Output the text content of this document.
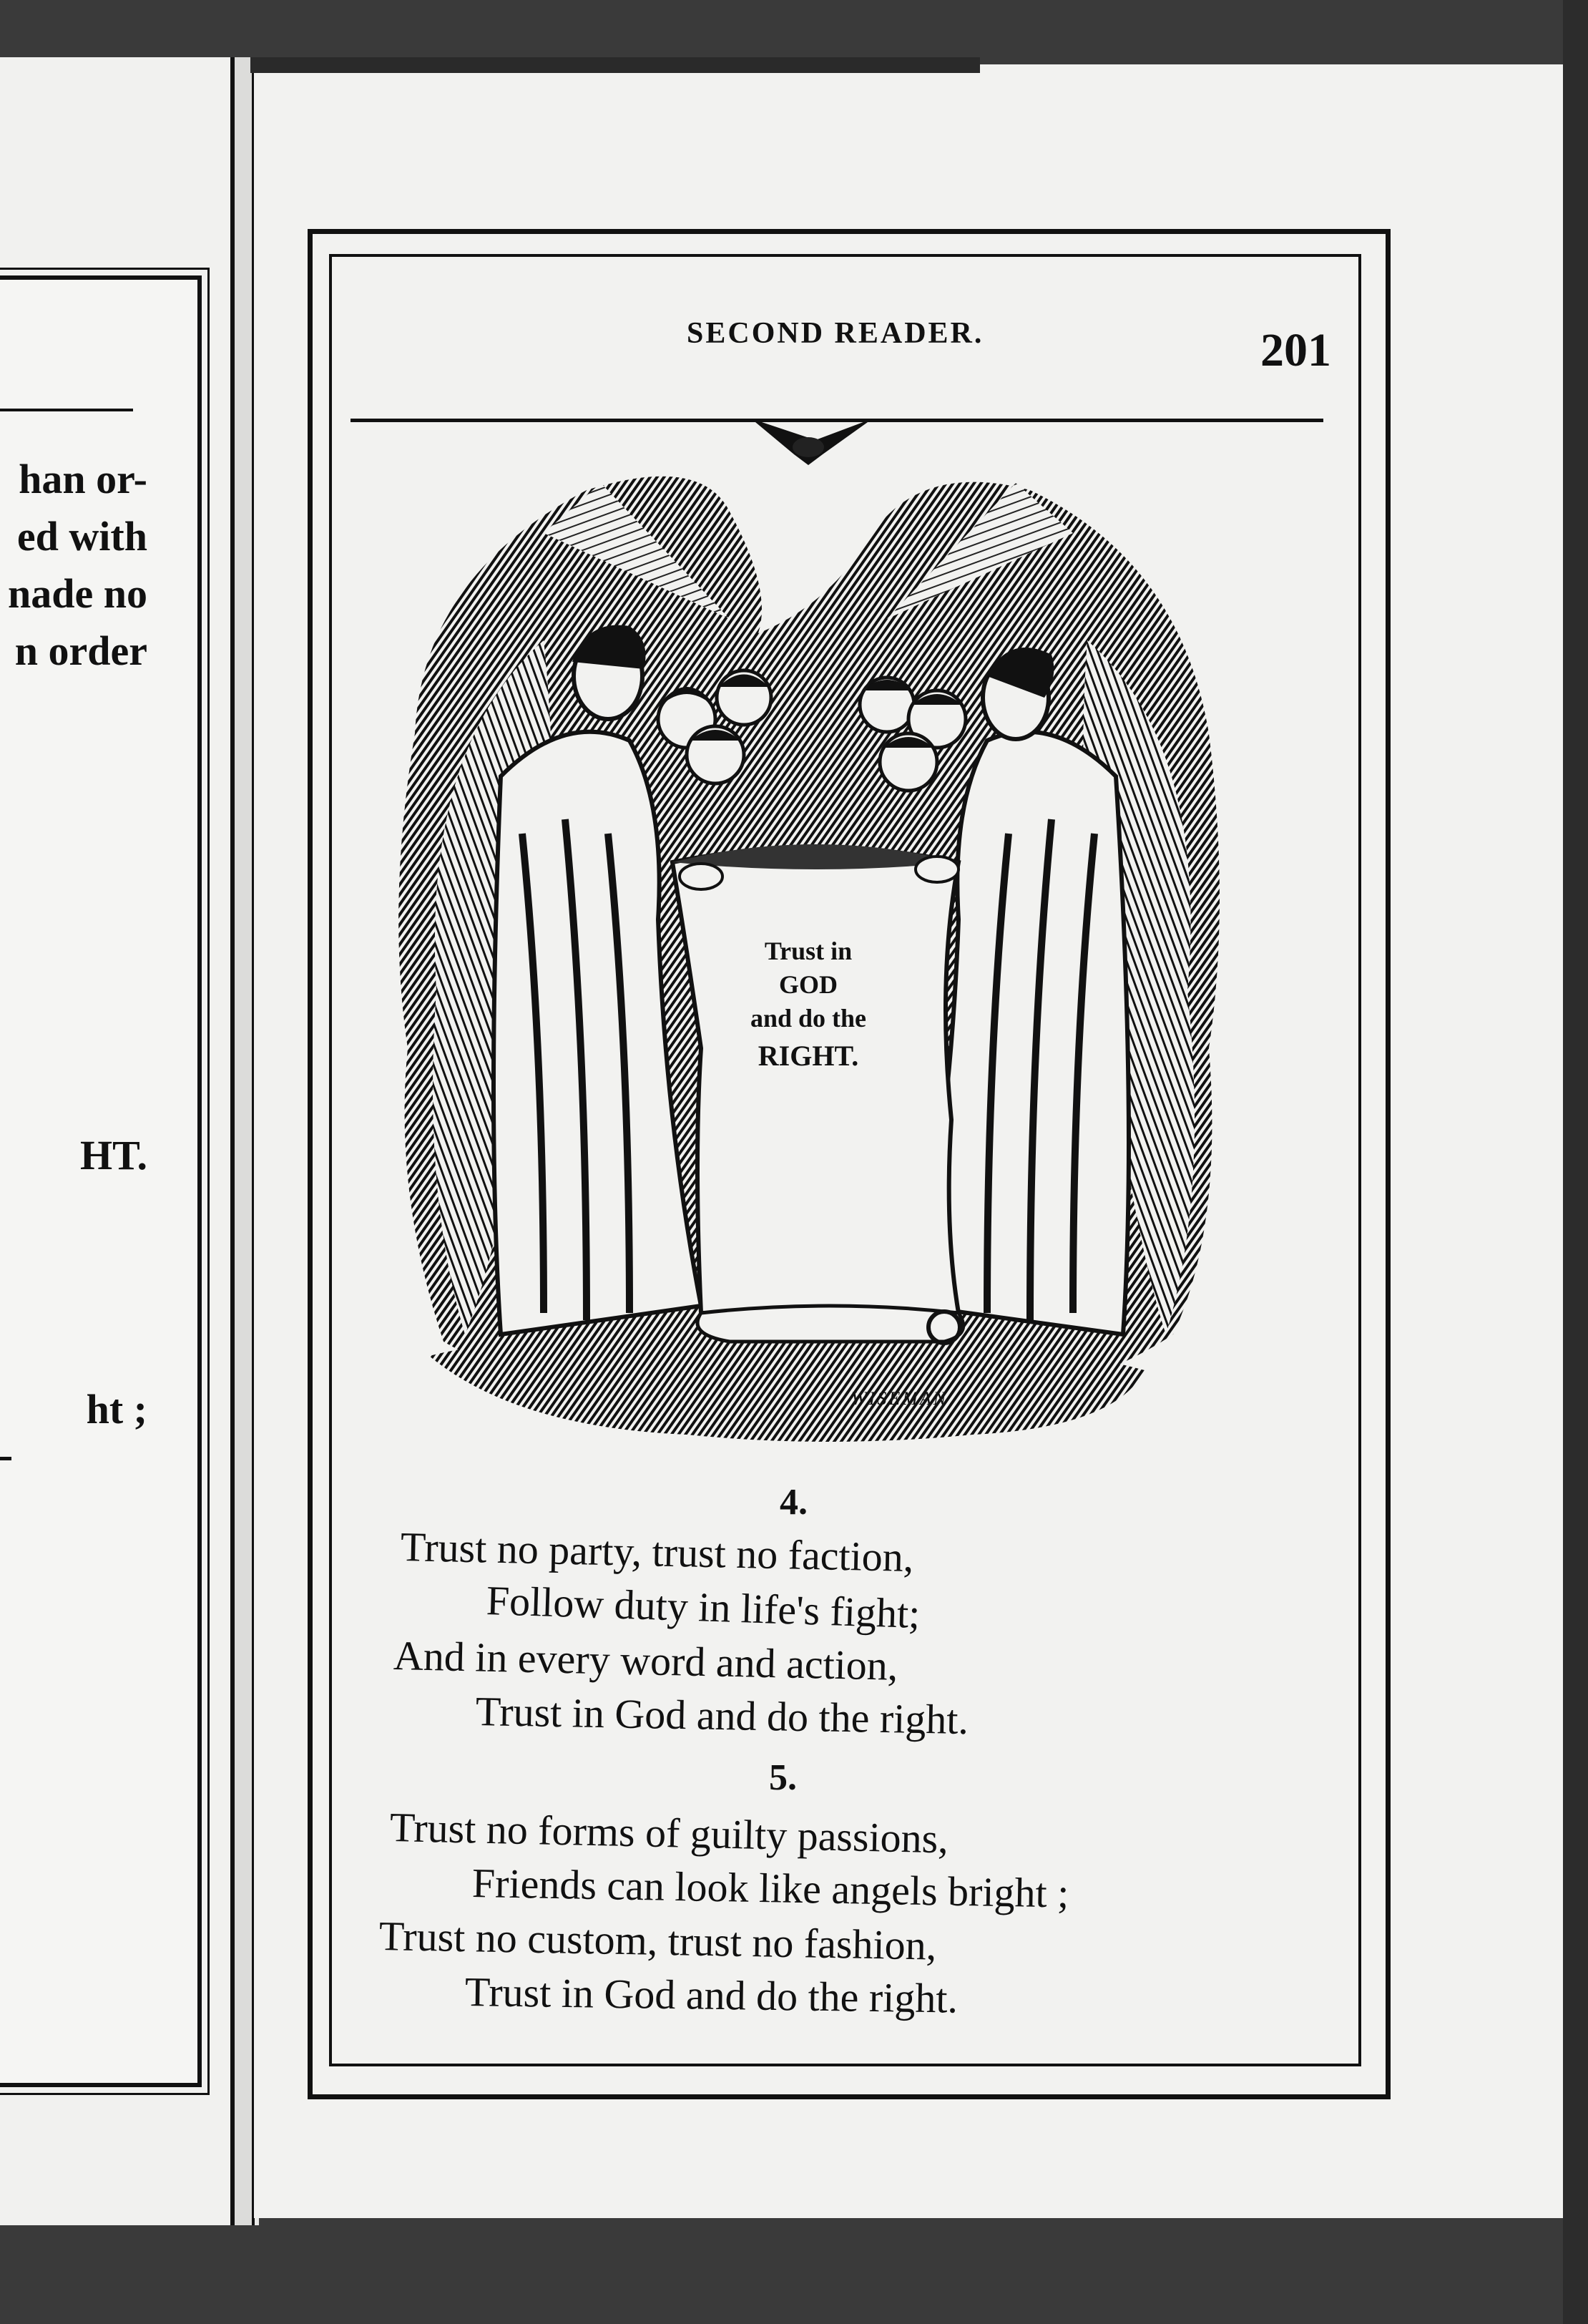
han or-
ed with
nade no
n order
HT.
ht ;
SECOND READER.	201
Trust in
GOD
and do the
RIGHT.
WISEMAN
4.
Trust no party, trust no faction,
Follow duty in life's fight;
And in every word and action,
Trust in God and do the right.
5.
Trust no forms of guilty passions,
Friends can look like angels bright ;
Trust no custom, trust no fashion,
Trust in God and do the right.
